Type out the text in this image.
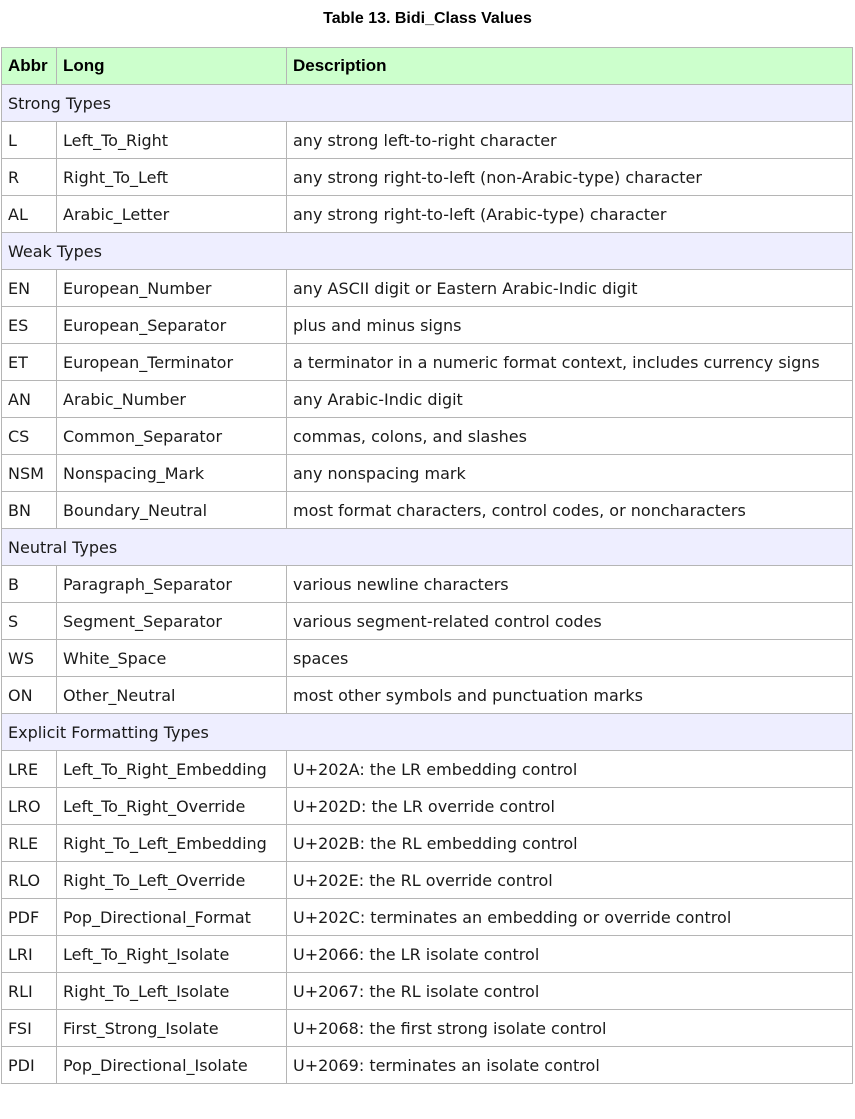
Table 13. Bidi_Class Values
Abbr	Long	Description
Strong Types		
L	Left_To_Right	any strong left-to-right character
R	Right_To_Left	any strong right-to-left (non-Arabic-type) character
AL	Arabic_Letter	any strong right-to-left (Arabic-type) character
Weak Types		
EN	European_Number	any ASCII digit or Eastern Arabic-Indic digit
ES	European_Separator	plus and minus signs
ET	European_Terminator	a terminator in a numeric format context, includes currency signs
AN	Arabic_Number	any Arabic-Indic digit
CS	Common_Separator	commas, colons, and slashes
NSM	Nonspacing_Mark	any nonspacing mark
BN	Boundary_Neutral	most format characters, control codes, or noncharacters
Neutral Types		
B	Paragraph_Separator	various newline characters
S	Segment_Separator	various segment-related control codes
WS	White_Space	spaces
ON	Other_Neutral	most other symbols and punctuation marks
Explicit Formatting Types		
LRE	Left_To_Right_Embedding	U+202A: the LR embedding control
LRO	Left_To_Right_Override	U+202D: the LR override control
RLE	Right_To_Left_Embedding	U+202B: the RL embedding control
RLO	Right_To_Left_Override	U+202E: the RL override control
PDF	Pop_Directional_Format	U+202C: terminates an embedding or override control
LRI	Left_To_Right_Isolate	U+2066: the LR isolate control
RLI	Right_To_Left_Isolate	U+2067: the RL isolate control
FSI	First_Strong_Isolate	U+2068: the first strong isolate control
PDI	Pop_Directional_Isolate	U+2069: terminates an isolate control
